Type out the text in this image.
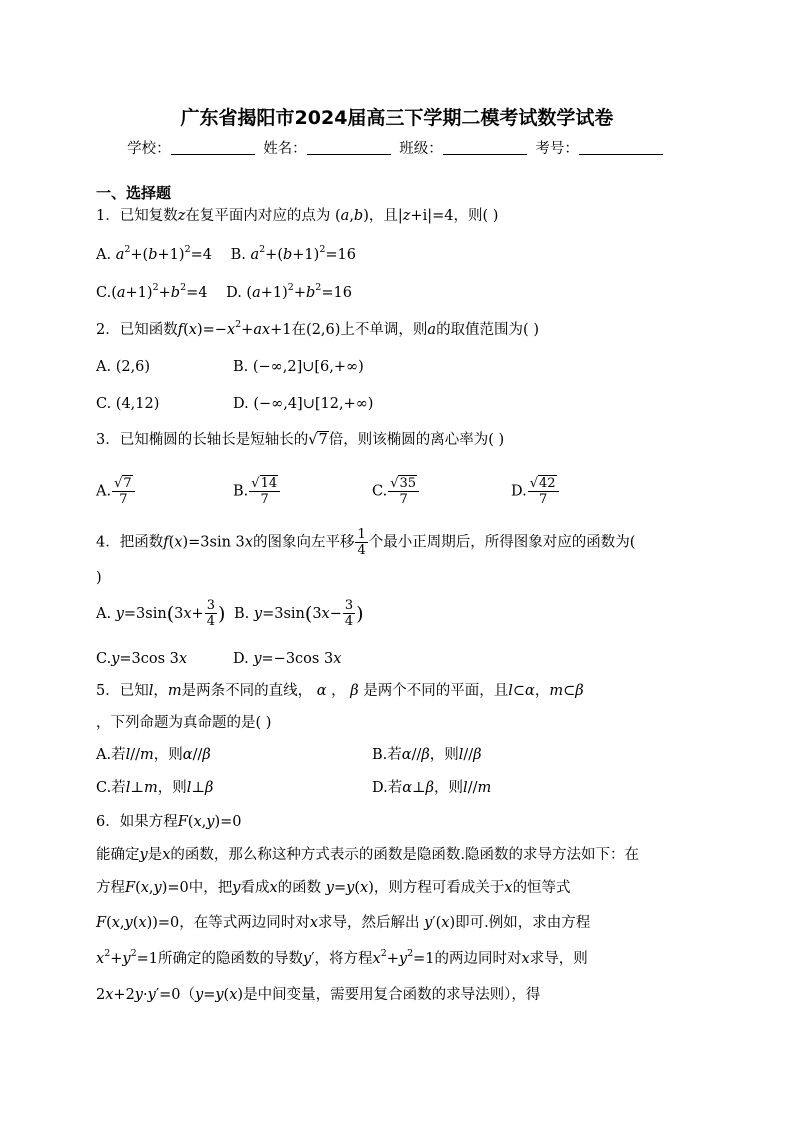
广东省揭阳市2024届高三下学期二模考试数学试卷
学校：	姓名：	班级：	考号：
一、选择题
1．已知复数z在复平面内对应的点为 (a,b)，且|z+i|=4，则( )
A. $a^2+(b+1)^2=4$ B. $a^2+(b+1)^2=16$
$C.(a+1)^2+b^2=4$ D. $(a+1)^2+b^2=16$
2．已知函数$f(x)=-x^2+ax+1$在(2,6)上不单调，则a的取值范围为( )
A. (2,6)	B. (−∞,2]∪[6,+∞)
C. (4,12)	D. (−∞,4]∪[12,+∞)
3．已知椭圆的长轴长是短轴长的√7倍，则该椭圆的离心率为( )
A. $\frac{√7}{7}$	B. $\frac{√14}{7}$	C. $\frac{√35}{7}$	D. $\frac{√42}{7}$
4．把函数f(x)=3sin 3x的图象向左平移 $\frac{1}{4}$ 个最小正周期后，所得图象对应的函数为(
)
A. $y=3\sin(3x+ \frac{3}{4}$ ) B. $y=3\sin(3x- \frac{3}{4}$ )
C.y=3cos 3x	D. y=−3cos 3x
5．已知l，m是两条不同的直线， α ， β 是两个不同的平面，且l⊂α，m⊂β
，下列命题为真命题的是( )
A.若l//m，则α//β	B.若α//β，则l//β
C.若l⊥m，则l⊥β	D.若α⊥β，则l//m
6．如果方程F(x,y)=0
能确定y是x的函数，那么称这种方式表示的函数是隐函数.隐函数的求导方法如下：在
方程F(x,y)=0中，把y看成x的函数 y=y(x)，则方程可看成关于x的恒等式
F(x,y(x))=0，在等式两边同时对x求导，然后解出 y′(x)即可.例如，求由方程
$x^2+y^2=1$所确定的隐函数的导数y′，将方程$x^2+y^2=1$的两边同时对x求导，则
2x+2y·y′=0（y=y(x)是中间变量，需要用复合函数的求导法则），得
